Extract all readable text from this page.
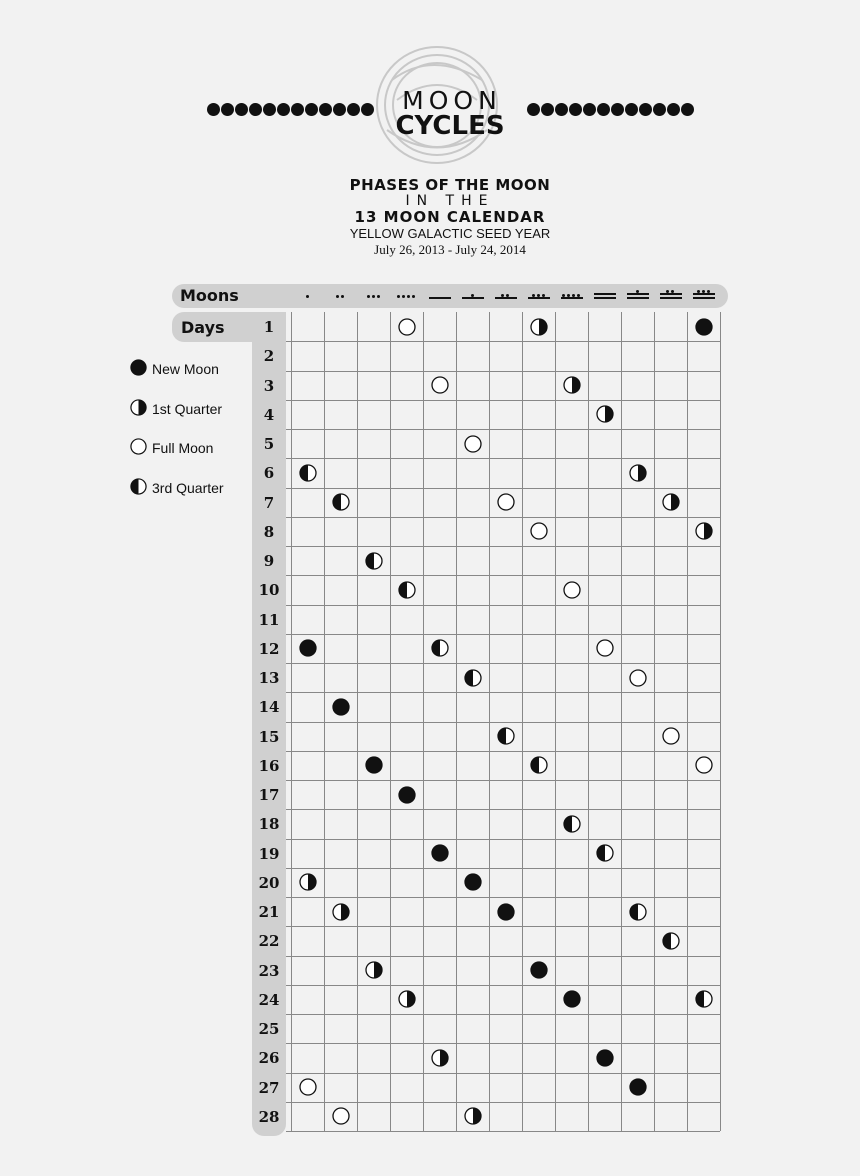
MOON
CYCLES
PHASES OF THE MOON
IN THE
13 MOON CALENDAR
YELLOW GALACTIC SEED YEAR
July 26, 2013 - July 24, 2014
Moons
Days	1
2
3
4
5
6
7
8
9
10
11
12
13
14
15
16
17
18
19
20
21
22
23
24
25
26
27
28
New Moon
1st Quarter
Full Moon
3rd Quarter
